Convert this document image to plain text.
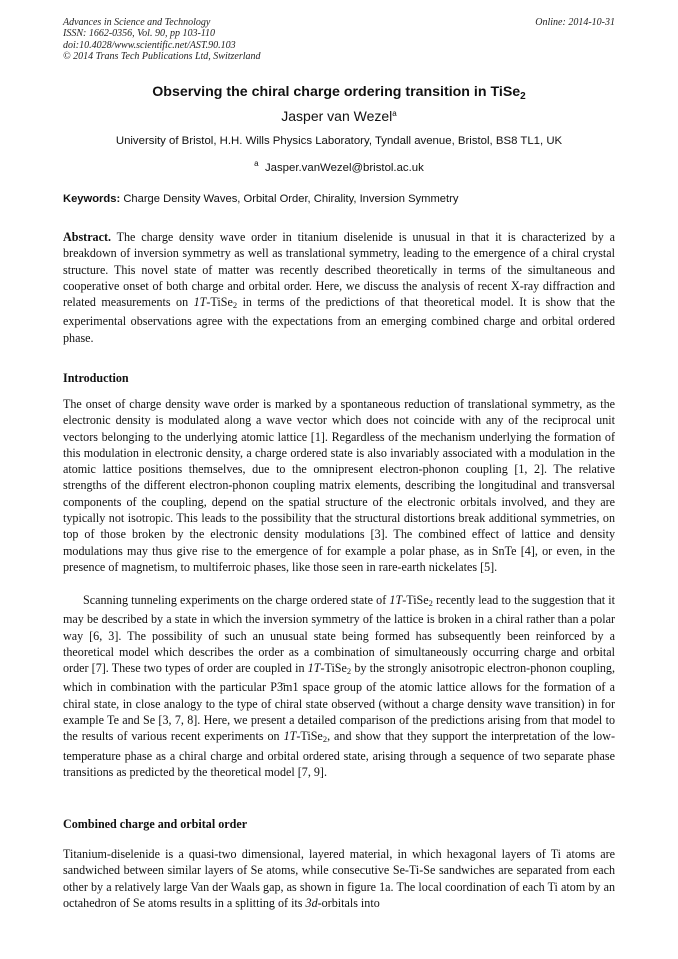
Advances in Science and Technology
ISSN: 1662-0356, Vol. 90, pp 103-110
doi:10.4028/www.scientific.net/AST.90.103
© 2014 Trans Tech Publications Ltd, Switzerland
Online: 2014-10-31
Observing the chiral charge ordering transition in TiSe$_2$
Jasper van Wezel$^a$
University of Bristol, H.H. Wills Physics Laboratory, Tyndall avenue, Bristol, BS8 TL1, UK
$^a$ Jasper.vanWezel@bristol.ac.uk
Keywords: Charge Density Waves, Orbital Order, Chirality, Inversion Symmetry

Abstract. The charge density wave order in titanium diselenide is unusual in that it is characterized by a breakdown of inversion symmetry as well as translational symmetry, leading to the emergence of a chiral crystal structure. This novel state of matter was recently described theoretically in terms of the simultaneous and cooperative onset of both charge and orbital order. Here, we discuss the analysis of recent X-ray diffraction and related measurements on 1T-TiSe$_2$ in terms of the predictions of that theoretical model. It is show that the experimental observations agree with the expectations from an emerging combined charge and orbital ordered phase.

Introduction

The onset of charge density wave order is marked by a spontaneous reduction of translational symmetry, as the electronic density is modulated along a wave vector which does not coincide with any of the reciprocal unit vectors belonging to the underlying atomic lattice [1]. Regardless of the mechanism underlying the formation of this modulation in electronic density, a charge ordered state is also invariably associated with a modulation in the atomic lattice positions themselves, due to the omnipresent electron-phonon coupling [1, 2]. The relative strengths of the different electron-phonon coupling matrix elements, describing the longitudinal and transversal components of the coupling, depend on the spatial structure of the electronic orbitals involved, and they are typically not isotropic. This leads to the possibility that the structural distortions break additional symmetries, on top of those broken by the electronic density modulations [3]. The combined effect of lattice and density modulations may thus give rise to the emergence of for example a polar phase, as in SnTe [4], or even, in the presence of magnetism, to multiferroic phases, like those seen in rare-earth nickelates [5].

Scanning tunneling experiments on the charge ordered state of 1T-TiSe$_2$ recently lead to the suggestion that it may be described by a state in which the inversion symmetry of the lattice is broken in a chiral rather than a polar way [6, 3]. The possibility of such an unusual state being formed has subsequently been reinforced by a theoretical model which describes the order as a combination of simultaneously occurring charge and orbital order [7]. These two types of order are coupled in 1T-TiSe$_2$ by the strongly anisotropic electron-phonon coupling, which in combination with the particular P3̄m1 space group of the atomic lattice allows for the formation of a chiral state, in close analogy to the type of chiral state observed (without a charge density wave transition) in for example Te and Se [3, 7, 8]. Here, we present a detailed comparison of the predictions arising from that model to the results of various recent experiments on 1T-TiSe$_2$, and show that they support the interpretation of the low-temperature phase as a chiral charge and orbital ordered state, arising through a sequence of two separate phase transitions as predicted by the theoretical model [7, 9].

Combined charge and orbital order

Titanium-diselenide is a quasi-two dimensional, layered material, in which hexagonal layers of Ti atoms are sandwiched between similar layers of Se atoms, while consecutive Se-Ti-Se sandwiches are separated from each other by a relatively large Van der Waals gap, as shown in figure 1a. The local coordination of each Ti atom by an octahedron of Se atoms results in a splitting of its 3d-orbitals into
